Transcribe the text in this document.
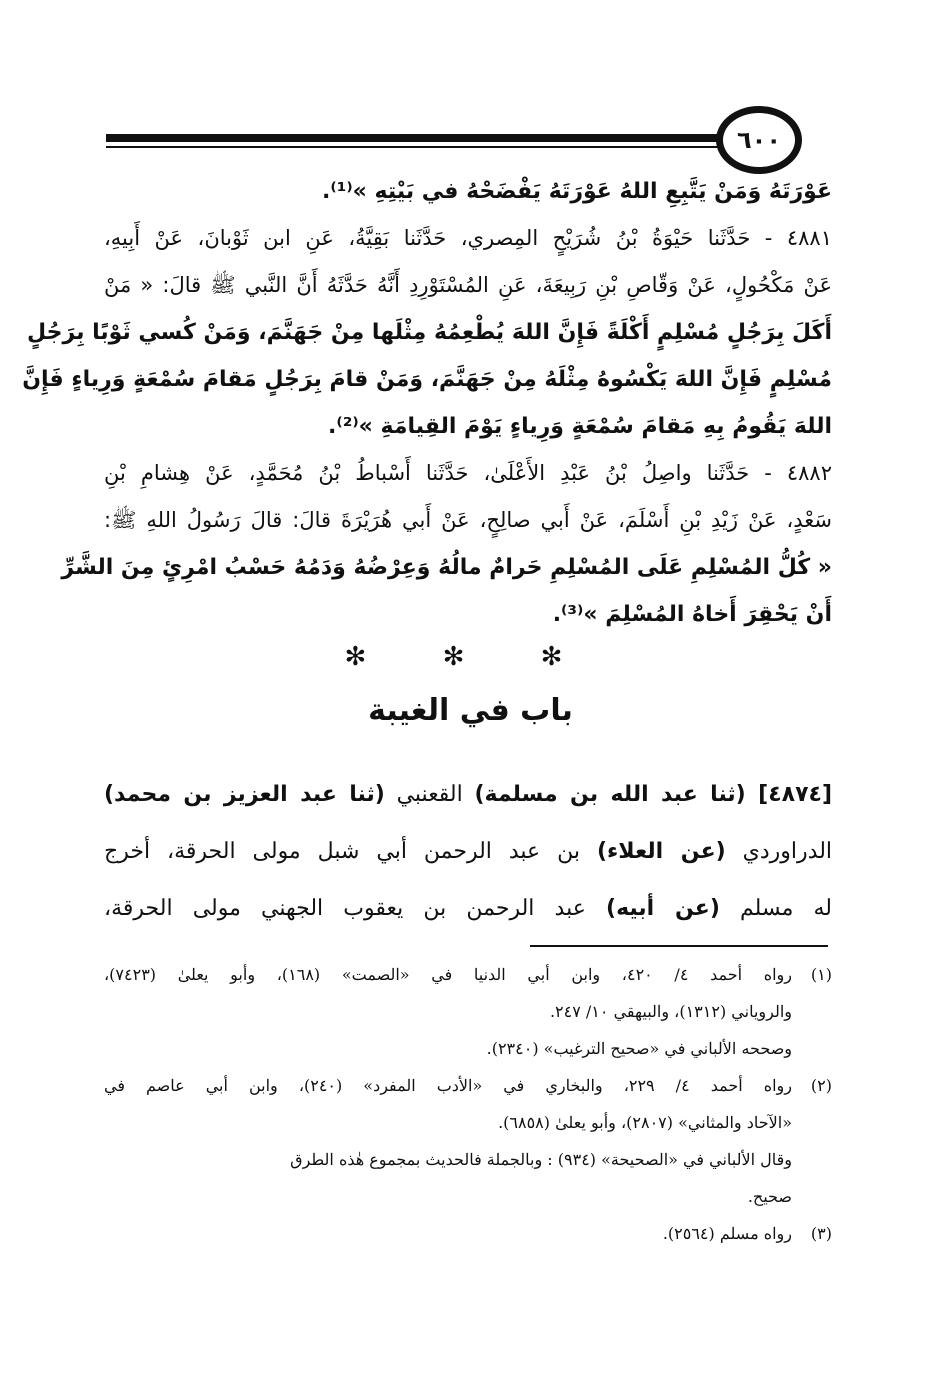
٦٠٠
عَوْرَتَهُ وَمَنْ يَتَّبِعِ اللهُ عَوْرَتَهُ يَفْضَحْهُ في بَيْتِهِ »⁽¹⁾.
٤٨٨١ - حَدَّثَنا حَيْوَةُ بْنُ شُرَيْحٍ المِصري، حَدَّثَنا بَقِيَّةُ، عَنِ ابن ثَوْبانَ، عَنْ أَبِيهِ،
عَنْ مَكْحُولٍ، عَنْ وَقّاصِ بْنِ رَبِيعَةَ، عَنِ المُسْتَوْرِدِ أَنَّهُ حَدَّثَهُ أَنَّ النَّبي ﷺ قالَ: « مَنْ
أَكَلَ بِرَجُلٍ مُسْلِمٍ أَكْلَةً فَإِنَّ اللهَ يُطْعِمُهُ مِثْلَها مِنْ جَهَنَّمَ، وَمَنْ كُسي ثَوْبًا بِرَجُلٍ
مُسْلِمٍ فَإِنَّ اللهَ يَكْسُوهُ مِثْلَهُ مِنْ جَهَنَّمَ، وَمَنْ قامَ بِرَجُلٍ مَقامَ سُمْعَةٍ وَرِياءٍ فَإِنَّ
اللهَ يَقُومُ بِهِ مَقامَ سُمْعَةٍ وَرِياءٍ يَوْمَ القِيامَةِ »⁽²⁾.
٤٨٨٢ - حَدَّثَنا واصِلُ بْنُ عَبْدِ الأَعْلَىٰ، حَدَّثَنا أَسْباطُ بْنُ مُحَمَّدٍ، عَنْ هِشامِ بْنِ
سَعْدٍ، عَنْ زَيْدِ بْنِ أَسْلَمَ، عَنْ أَبي صالِحٍ، عَنْ أَبي هُرَيْرَةَ قالَ: قالَ رَسُولُ اللهِ ﷺ:
« كُلُّ المُسْلِمِ عَلَى المُسْلِمِ حَرامٌ مالُهُ وَعِرْضُهُ وَدَمُهُ حَسْبُ امْرِئٍ مِنَ الشَّرِّ
أَنْ يَحْقِرَ أَخاهُ المُسْلِمَ »⁽³⁾.
✻ ✻ ✻
باب في الغيبة
[٤٨٧٤] (ثنا عبد الله بن مسلمة) القعنبي (ثنا عبد العزيز بن محمد)
الدراوردي (عن العلاء) بن عبد الرحمن أبي شبل مولى الحرقة، أخرج
له مسلم (عن أبيه) عبد الرحمن بن يعقوب الجهني مولى الحرقة،
(١)رواه أحمد ٤/ ٤٢٠، وابن أبي الدنيا في «الصمت» (١٦٨)، وأبو يعلىٰ (٧٤٢٣)،
والروياني (١٣١٢)، والبيهقي ١٠/ ٢٤٧.
وصححه الألباني في «صحيح الترغيب» (٢٣٤٠).
(٢)رواه أحمد ٤/ ٢٢٩، والبخاري في «الأدب المفرد» (٢٤٠)، وابن أبي عاصم في
«الآحاد والمثاني» (٢٨٠٧)، وأبو يعلىٰ (٦٨٥٨).
وقال الألباني في «الصحيحة» (٩٣٤) : وبالجملة فالحديث بمجموع هٰذه الطرق
صحيح.
(٣)رواه مسلم (٢٥٦٤).
